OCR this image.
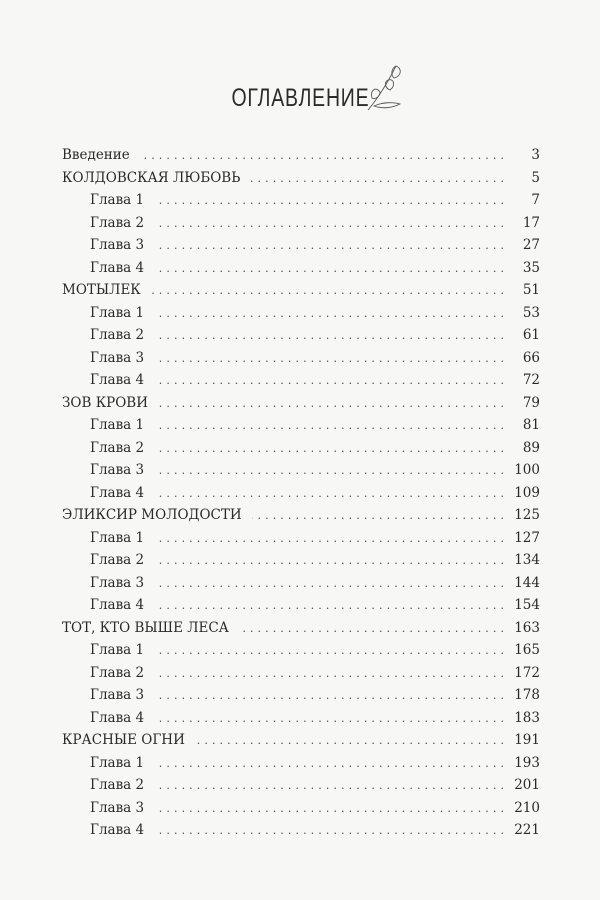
ОГЛАВЛЕНИЕ
Введение . . .	3
КОЛДОВСКАЯ ЛЮБОВЬ . . .	5
Глава 1 . . .	7
Глава 2 . . .	17
Глава 3 . . .	27
Глава 4 . . .	35
МОТЫЛЕК . . .	51
Глава 1 . . .	53
Глава 2 . . .	61
Глава 3 . . .	66
Глава 4 . . .	72
ЗОВ КРОВИ . . .	79
Глава 1 . . .	81
Глава 2 . . .	89
Глава 3 . . .	100
Глава 4 . . .	109
ЭЛИКСИР МОЛОДОСТИ . . .	125
Глава 1 . . .	127
Глава 2 . . .	134
Глава 3 . . .	144
Глава 4 . . .	154
ТОТ, КТО ВЫШЕ ЛЕСА . . .	163
Глава 1 . . .	165
Глава 2 . . .	172
Глава 3 . . .	178
Глава 4 . . .	183
КРАСНЫЕ ОГНИ . . .	191
Глава 1 . . .	193
Глава 2 . . .	201
Глава 3 . . .	210
Глава 4 . . .	221
